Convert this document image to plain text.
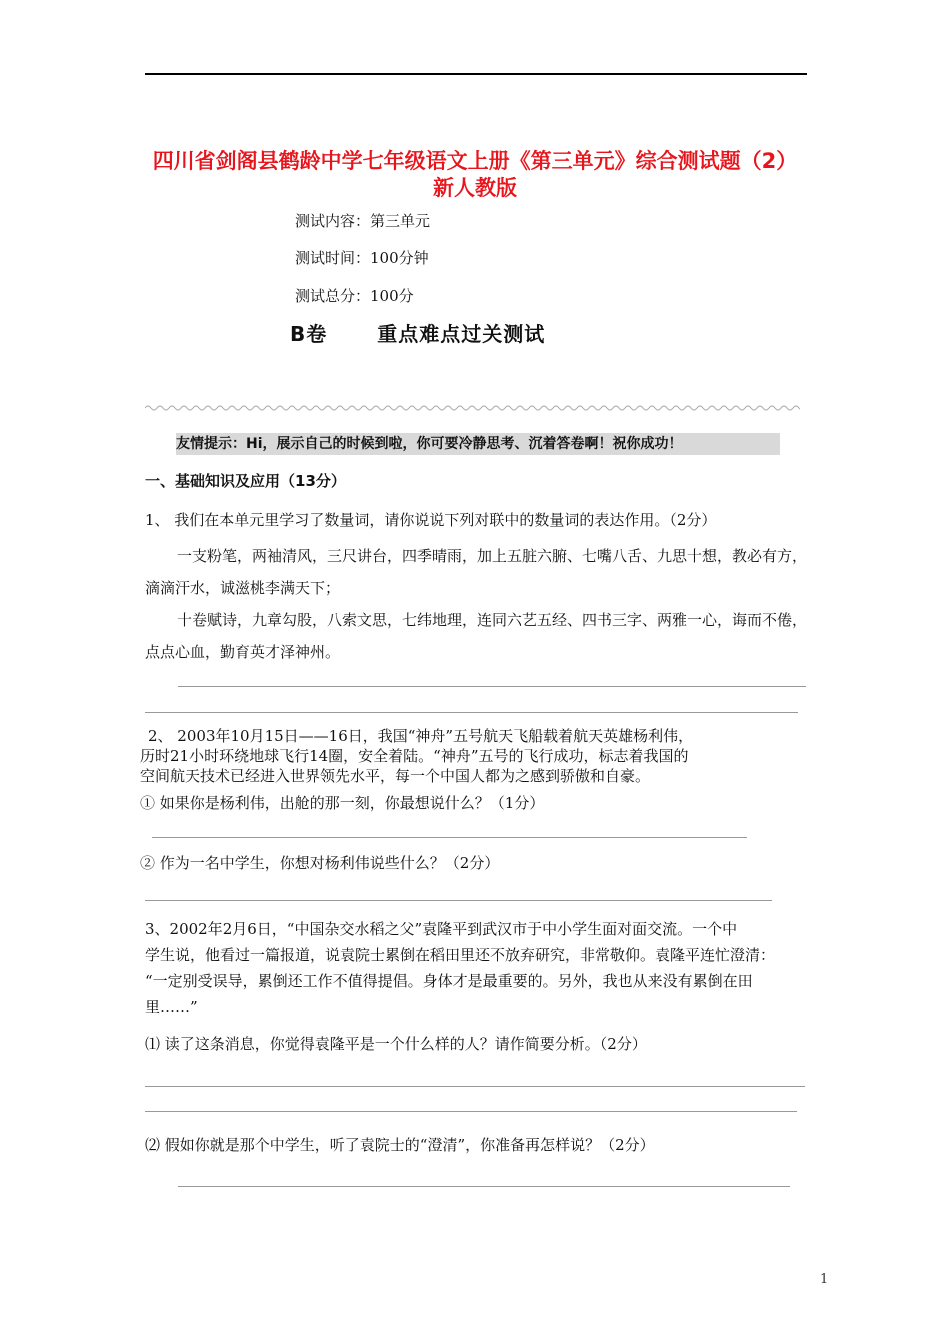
四川省剑阁县鹤龄中学七年级语文上册《第三单元》综合测试题（2）
新人教版
测试内容：第三单元
测试时间：100分钟
测试总分：100分
B卷	重点难点过关测试
友情提示：Hi，展示自己的时候到啦，你可要冷静思考、沉着答卷啊！祝你成功！
一、基础知识及应用（13分）
1、 我们在本单元里学习了数量词，请你说说下列对联中的数量词的表达作用。（2分）
一支粉笔，两袖清风，三尺讲台，四季晴雨，加上五脏六腑、七嘴八舌、九思十想，教必有方，滴滴汗水，诚滋桃李满天下；
十卷赋诗，九章勾股，八索文思，七纬地理，连同六艺五经、四书三字、两雅一心，诲而不倦，点点心血，勤育英才泽神州。
2、 2003年10月15日——16日，我国“神舟”五号航天飞船载着航天英雄杨利伟，
历时21小时环绕地球飞行14圈，安全着陆。“神舟”五号的飞行成功，标志着我国的
空间航天技术已经进入世界领先水平，每一个中国人都为之感到骄傲和自豪。
① 如果你是杨利伟，出舱的那一刻，你最想说什么？（1分）
② 作为一名中学生，你想对杨利伟说些什么？（2分）
3、2002年2月6日，“中国杂交水稻之父”袁隆平到武汉市于中小学生面对面交流。一个中
学生说，他看过一篇报道，说袁院士累倒在稻田里还不放弃研究，非常敬仰。袁隆平连忙澄清：
“一定别受误导，累倒还工作不值得提倡。身体才是最重要的。另外，我也从来没有累倒在田
里……”
⑴ 读了这条消息，你觉得袁隆平是一个什么样的人？请作简要分析。（2分）
⑵ 假如你就是那个中学生，听了袁院士的“澄清”，你准备再怎样说？（2分）
1
